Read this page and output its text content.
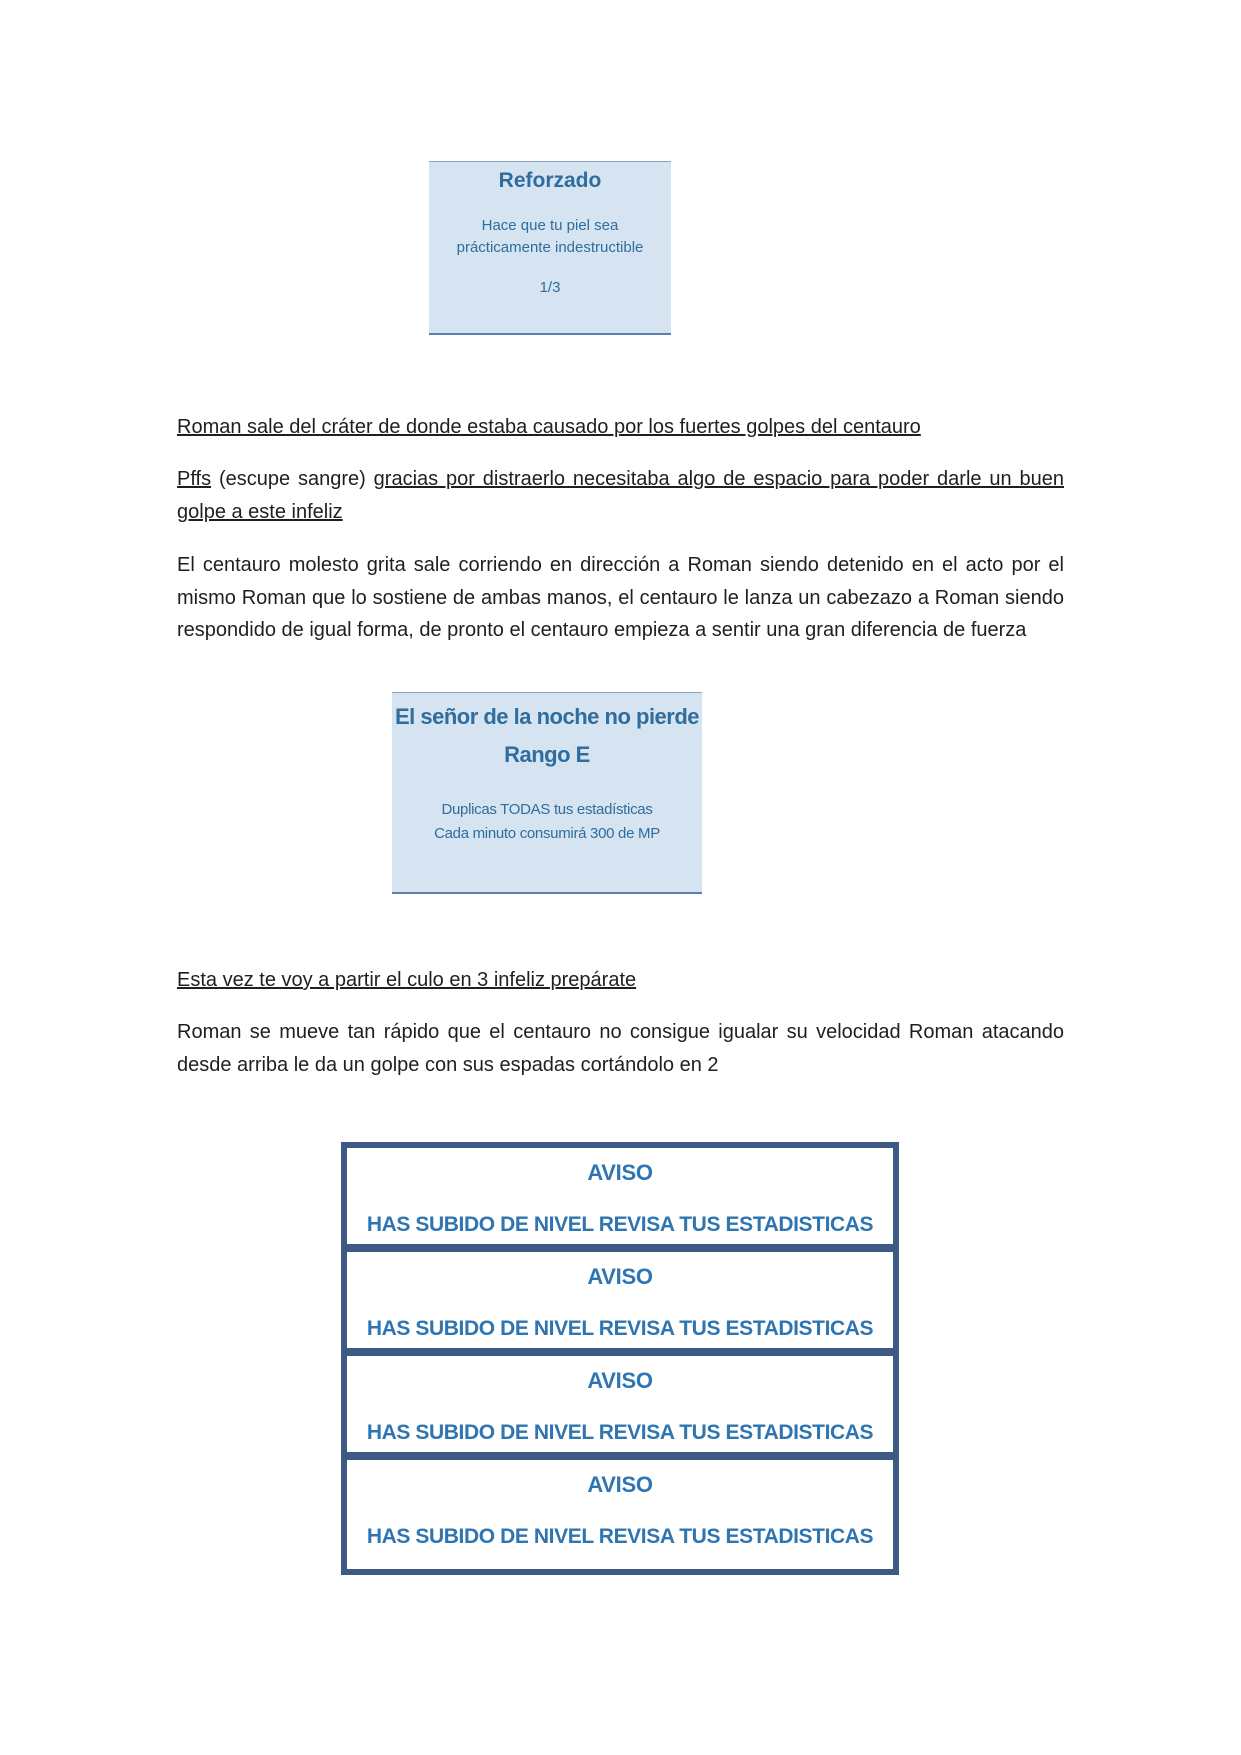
Reforzado
Hace que tu piel sea
prácticamente indestructible
1/3

Roman sale del cráter de donde estaba causado por los fuertes golpes del centauro

Pffs (escupe sangre) gracias por distraerlo necesitaba algo de espacio para poder darle un buen golpe a este infeliz

El centauro molesto grita sale corriendo en dirección a Roman siendo detenido en el acto por el mismo Roman que lo sostiene de ambas manos, el centauro le lanza un cabezazo a Roman siendo respondido de igual forma, de pronto el centauro empieza a sentir una gran diferencia de fuerza

El señor de la noche no pierde
Rango E
Duplicas TODAS tus estadísticas
Cada minuto consumirá 300 de MP

Esta vez te voy a partir el culo en 3 infeliz prepárate

Roman se mueve tan rápido que el centauro no consigue igualar su velocidad Roman atacando desde arriba le da un golpe con sus espadas cortándolo en 2

AVISO
HAS SUBIDO DE NIVEL REVISA TUS ESTADISTICAS
AVISO
HAS SUBIDO DE NIVEL REVISA TUS ESTADISTICAS
AVISO
HAS SUBIDO DE NIVEL REVISA TUS ESTADISTICAS
AVISO
HAS SUBIDO DE NIVEL REVISA TUS ESTADISTICAS
